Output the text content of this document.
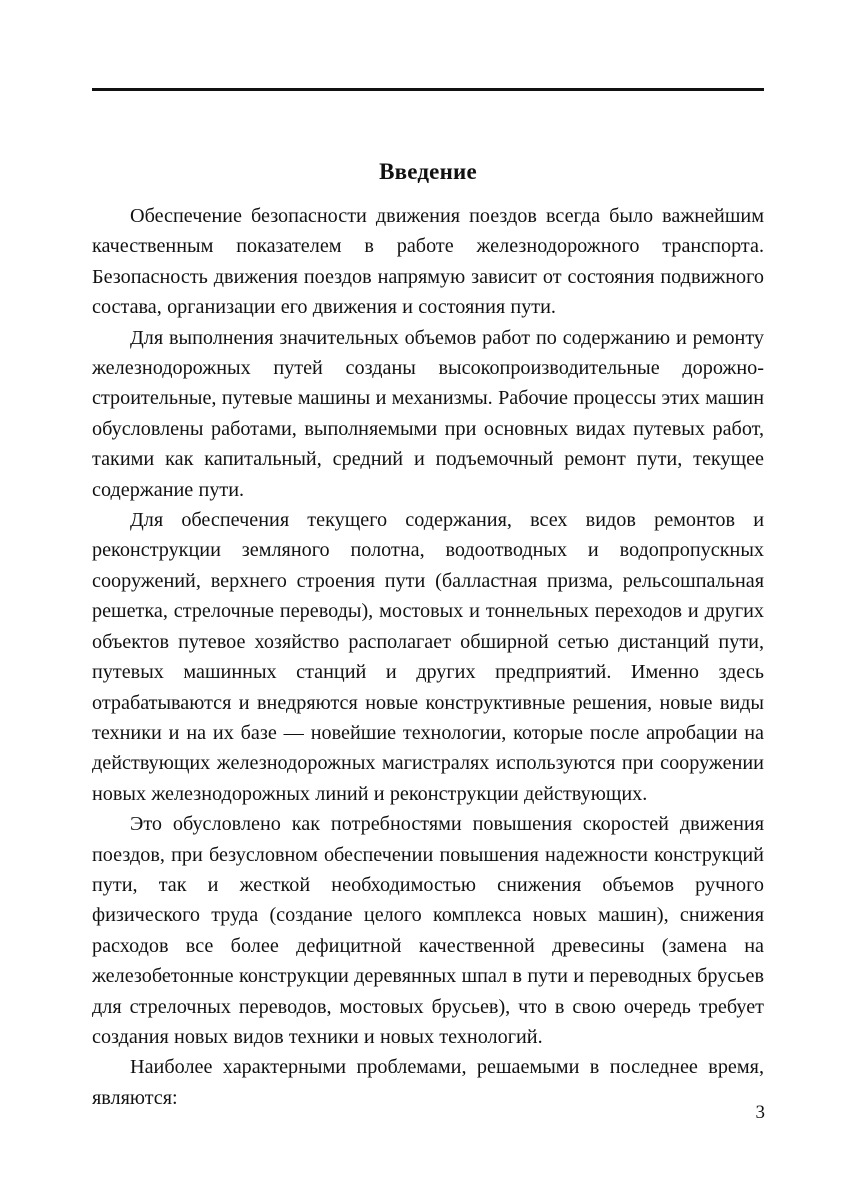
Введение

Обеспечение безопасности движения поездов всегда было важнейшим качественным показателем в работе железнодорожного транспорта. Безопасность движения поездов напрямую зависит от состояния подвижного состава, организации его движения и состояния пути.

Для выполнения значительных объемов работ по содержанию и ремонту железнодорожных путей созданы высокопроизводительные дорожно-строительные, путевые машины и механизмы. Рабочие процессы этих машин обусловлены работами, выполняемыми при основных видах путевых работ, такими как капитальный, средний и подъемочный ремонт пути, текущее содержание пути.

Для обеспечения текущего содержания, всех видов ремонтов и реконструкции земляного полотна, водоотводных и водопропускных сооружений, верхнего строения пути (балластная призма, рельсошпальная решетка, стрелочные переводы), мостовых и тоннельных переходов и других объектов путевое хозяйство располагает обширной сетью дистанций пути, путевых машинных станций и других предприятий. Именно здесь отрабатываются и внедряются новые конструктивные решения, новые виды техники и на их базе — новейшие технологии, которые после апробации на действующих железнодорожных магистралях используются при сооружении новых железнодорожных линий и реконструкции действующих.

Это обусловлено как потребностями повышения скоростей движения поездов, при безусловном обеспечении повышения надежности конструкций пути, так и жесткой необходимостью снижения объемов ручного физического труда (создание целого комплекса новых машин), снижения расходов все более дефицитной качественной древесины (замена на железобетонные конструкции деревянных шпал в пути и переводных брусьев для стрелочных переводов, мостовых брусьев), что в свою очередь требует создания новых видов техники и новых технологий.

Наиболее характерными проблемами, решаемыми в последнее время, являются:

3
